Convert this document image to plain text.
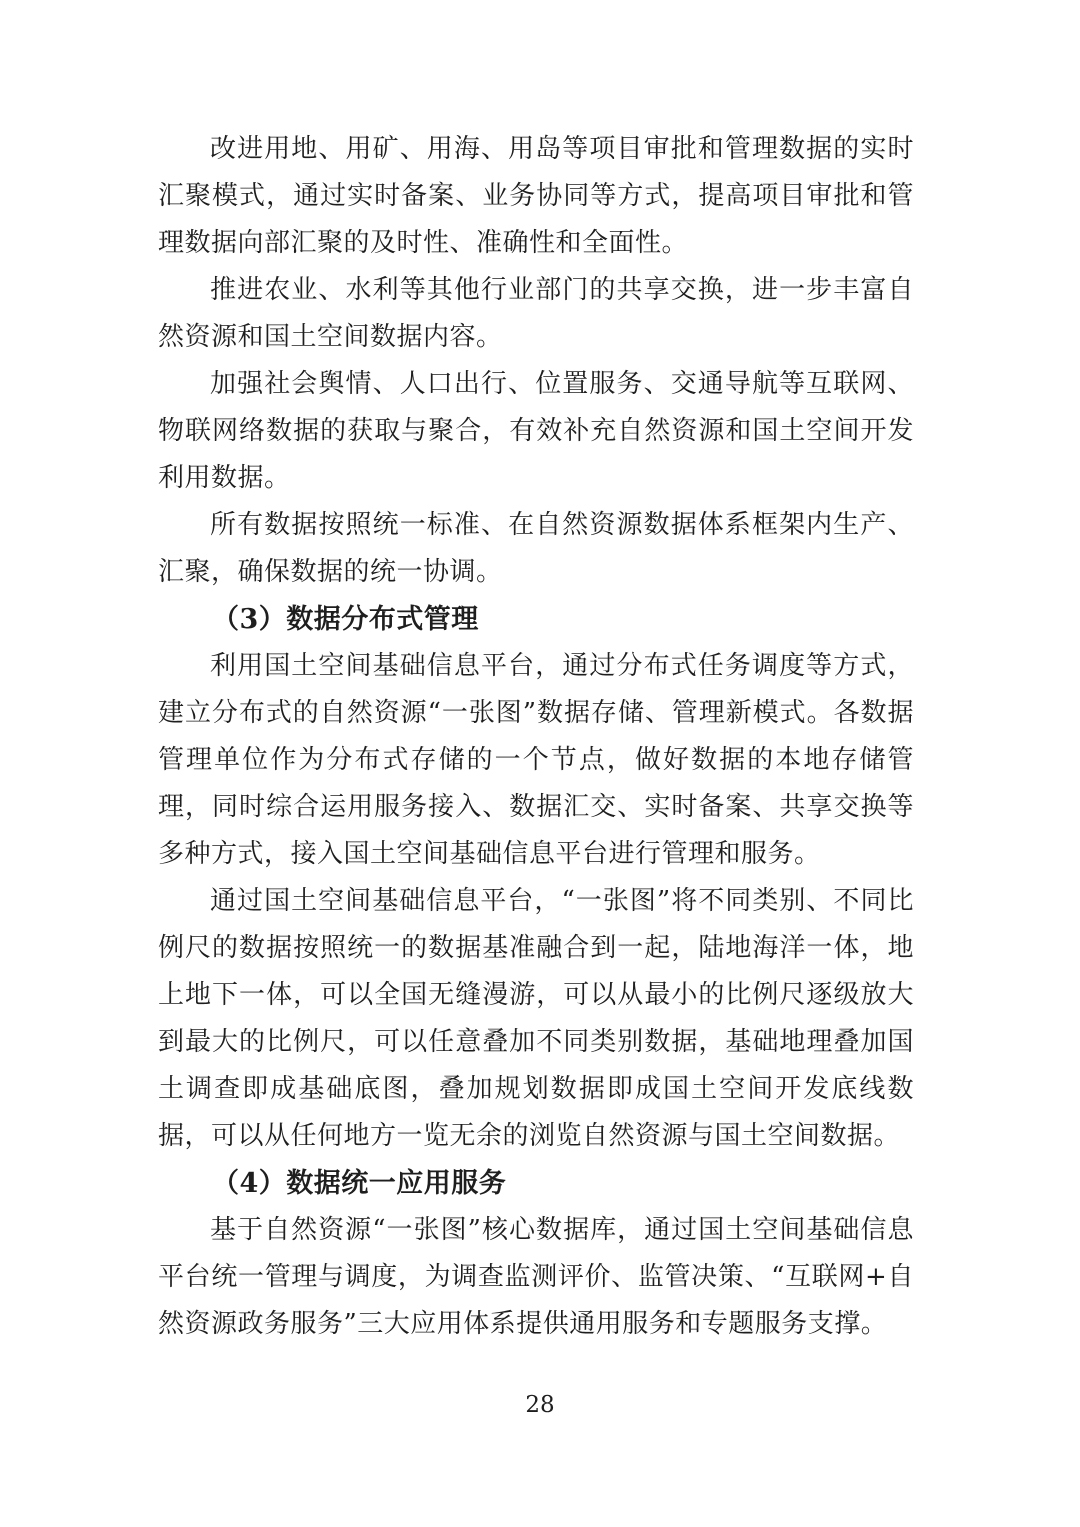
改进用地、用矿、用海、用岛等项目审批和管理数据的实时汇聚模式，通过实时备案、业务协同等方式，提高项目审批和管理数据向部汇聚的及时性、准确性和全面性。

推进农业、水利等其他行业部门的共享交换，进一步丰富自然资源和国土空间数据内容。

加强社会舆情、人口出行、位置服务、交通导航等互联网、物联网络数据的获取与聚合，有效补充自然资源和国土空间开发利用数据。

所有数据按照统一标准、在自然资源数据体系框架内生产、汇聚，确保数据的统一协调。

（3）数据分布式管理

利用国土空间基础信息平台，通过分布式任务调度等方式，建立分布式的自然资源“一张图”数据存储、管理新模式。各数据管理单位作为分布式存储的一个节点，做好数据的本地存储管理，同时综合运用服务接入、数据汇交、实时备案、共享交换等多种方式，接入国土空间基础信息平台进行管理和服务。

通过国土空间基础信息平台，“一张图”将不同类别、不同比例尺的数据按照统一的数据基准融合到一起，陆地海洋一体，地上地下一体，可以全国无缝漫游，可以从最小的比例尺逐级放大到最大的比例尺，可以任意叠加不同类别数据，基础地理叠加国土调查即成基础底图，叠加规划数据即成国土空间开发底线数据，可以从任何地方一览无余的浏览自然资源与国土空间数据。

（4）数据统一应用服务

基于自然资源“一张图”核心数据库，通过国土空间基础信息平台统一管理与调度，为调查监测评价、监管决策、“互联网+自然资源政务服务”三大应用体系提供通用服务和专题服务支撑。

28
